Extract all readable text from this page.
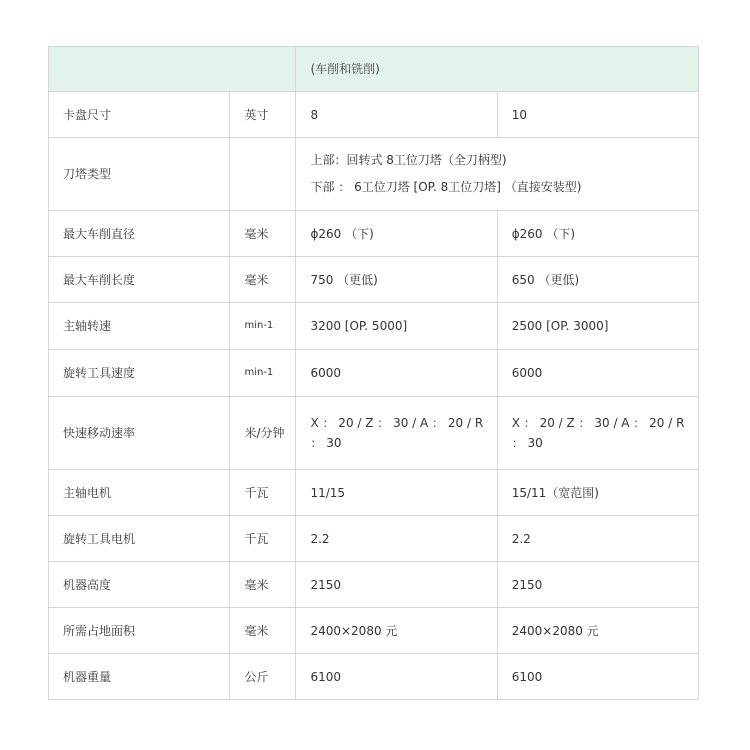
		(车削和铣削)	
卡盘尺寸	英寸	8	10
刀塔类型		上部：回转式 8工位刀塔（全刀柄型)
下部 ： 6工位刀塔 [OP. 8工位刀塔] （直接安装型)	

最大车削直径	毫米	ϕ260 （下)	ϕ260 （下)
最大车削长度	毫米	750 （更低)	650 （更低)
主轴转速	min-1	3200 [OP. 5000]	2500 [OP. 3000]
旋转工具速度	min-1	6000	6000
快速移动速率	米/分钟	X ： 20 / Z ： 30 / A ： 20 / R ： 30	X ： 20 / Z ： 30 / A ： 20 / R ： 30
主轴电机	千瓦	11/15	15/11（宽范围)
旋转工具电机	千瓦	2.2	2.2
机器高度	毫米	2150	2150
所需占地面积	毫米	2400×2080 元	2400×2080 元
机器重量	公斤	6100	6100
